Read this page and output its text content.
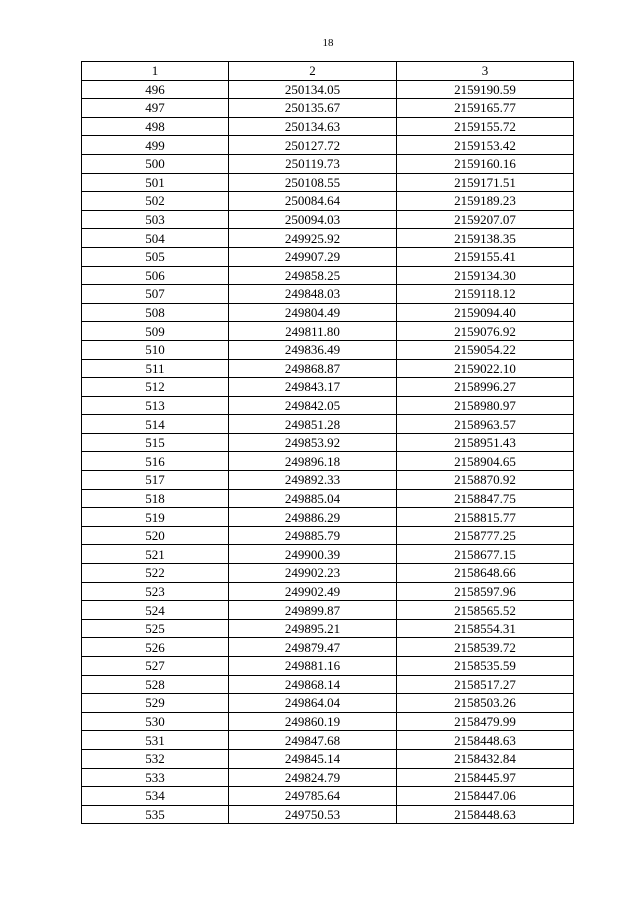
18
1	2	3
496	250134.05	2159190.59
497	250135.67	2159165.77
498	250134.63	2159155.72
499	250127.72	2159153.42
500	250119.73	2159160.16
501	250108.55	2159171.51
502	250084.64	2159189.23
503	250094.03	2159207.07
504	249925.92	2159138.35
505	249907.29	2159155.41
506	249858.25	2159134.30
507	249848.03	2159118.12
508	249804.49	2159094.40
509	249811.80	2159076.92
510	249836.49	2159054.22
511	249868.87	2159022.10
512	249843.17	2158996.27
513	249842.05	2158980.97
514	249851.28	2158963.57
515	249853.92	2158951.43
516	249896.18	2158904.65
517	249892.33	2158870.92
518	249885.04	2158847.75
519	249886.29	2158815.77
520	249885.79	2158777.25
521	249900.39	2158677.15
522	249902.23	2158648.66
523	249902.49	2158597.96
524	249899.87	2158565.52
525	249895.21	2158554.31
526	249879.47	2158539.72
527	249881.16	2158535.59
528	249868.14	2158517.27
529	249864.04	2158503.26
530	249860.19	2158479.99
531	249847.68	2158448.63
532	249845.14	2158432.84
533	249824.79	2158445.97
534	249785.64	2158447.06
535	249750.53	2158448.63
